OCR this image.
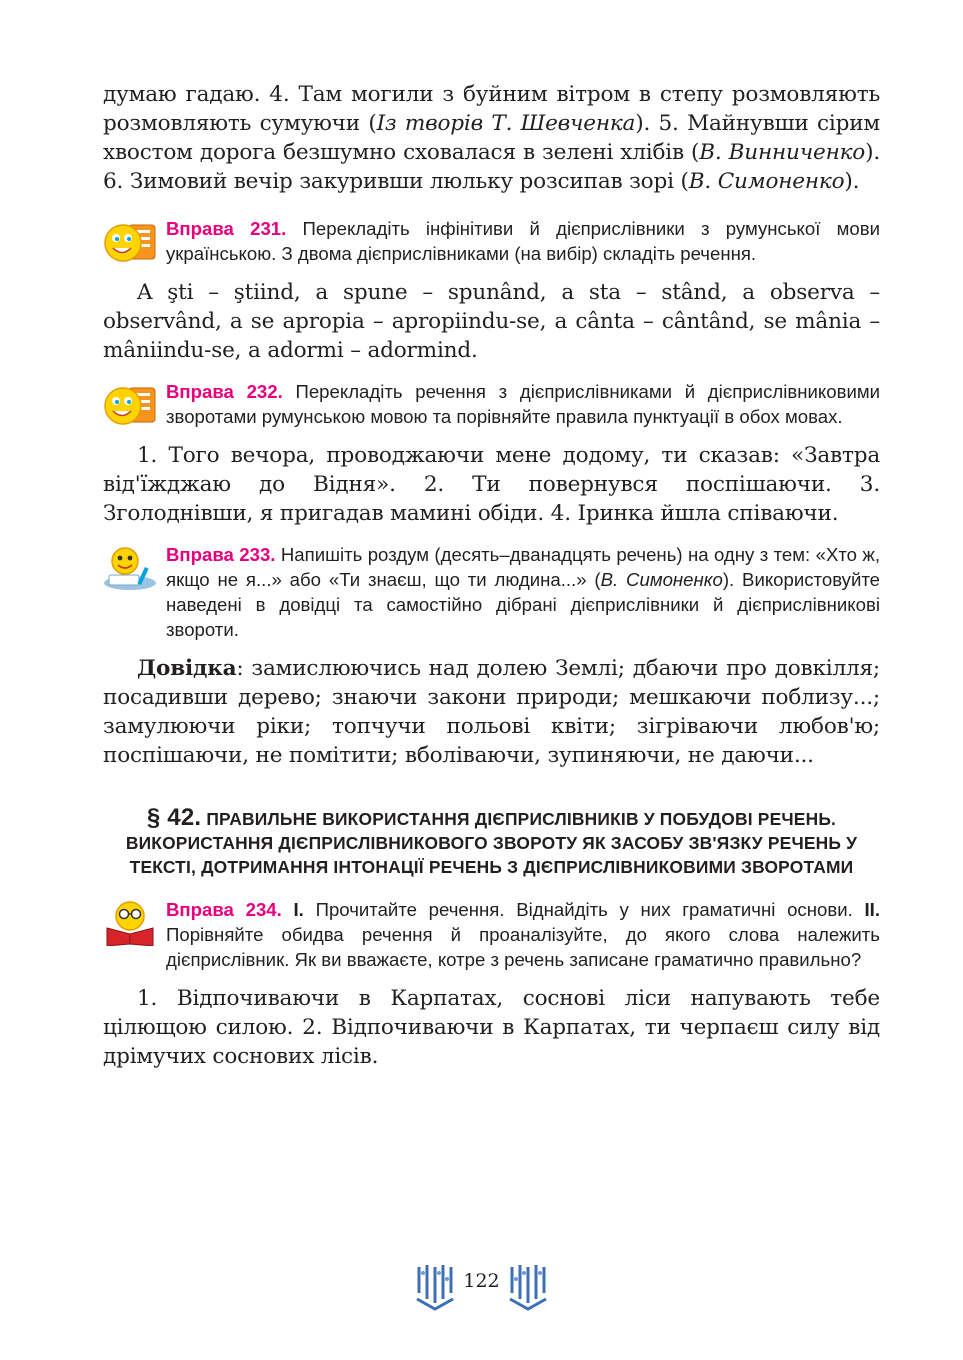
думаю гадаю. 4. Там могили з буйним вітром в степу розмовляють розмовляють сумуючи (Із творів Т. Шевченка). 5. Майнувши сірим хвостом дорога безшумно сховалася в зелені хлібів (В. Винниченко). 6. Зимовий вечір закуривши люльку розсипав зорі (В. Симоненко).

Вправа 231. Перекладіть інфінітиви й дієприслівники з румунської мови українською. З двома дієприслівниками (на вибір) складіть речення.

A şti – ştiind, a spune – spunând, a sta – stând, a observa – observând, a se apropia – apropiindu-se, a cânta – cântând, se mânia – mâniindu-se, a adormi – adormind.

Вправа 232. Перекладіть речення з дієприслівниками й дієприслівниковими зворотами румунською мовою та порівняйте правила пунктуації в обох мовах.

1. Того вечора, проводжаючи мене додому, ти сказав: «Завтра від'їжджаю до Відня». 2. Ти повернувся поспішаючи. 3. Зголоднівши, я пригадав мамині обіди. 4. Іринка йшла співаючи.

Вправа 233. Напишіть роздум (десять–дванадцять речень) на одну з тем: «Хто ж, якщо не я...» або «Ти знаєш, що ти людина...» (В. Симоненко). Використовуйте наведені в довідці та самостійно дібрані дієприслівники й дієприслівникові звороти.

Довідка: замислюючись над долею Землі; дбаючи про довкілля; посадивши дерево; знаючи закони природи; мешкаючи поблизу...; замулюючи ріки; топчучи польові квіти; зігріваючи любов'ю; поспішаючи, не помітити; вболіваючи, зупиняючи, не даючи...

§ 42. ПРАВИЛЬНЕ ВИКОРИСТАННЯ ДІЄПРИСЛІВНИКІВ У ПОБУДОВІ РЕЧЕНЬ. ВИКОРИСТАННЯ ДІЄПРИСЛІВНИКОВОГО ЗВОРОТУ ЯК ЗАСОБУ ЗВ'ЯЗКУ РЕЧЕНЬ У ТЕКСТІ, ДОТРИМАННЯ ІНТОНАЦІЇ РЕЧЕНЬ З ДІЄПРИСЛІВНИКОВИМИ ЗВОРОТАМИ
Вправа 234. I. Прочитайте речення. Віднайдіть у них граматичні основи. II. Порівняйте обидва речення й проаналізуйте, до якого слова належить дієприслівник. Як ви вважаєте, котре з речень записане граматично правильно?

1. Відпочиваючи в Карпатах, соснові ліси напувають тебе цілющою силою. 2. Відпочиваючи в Карпатах, ти черпаєш силу від дрімучих соснових лісів.

122
